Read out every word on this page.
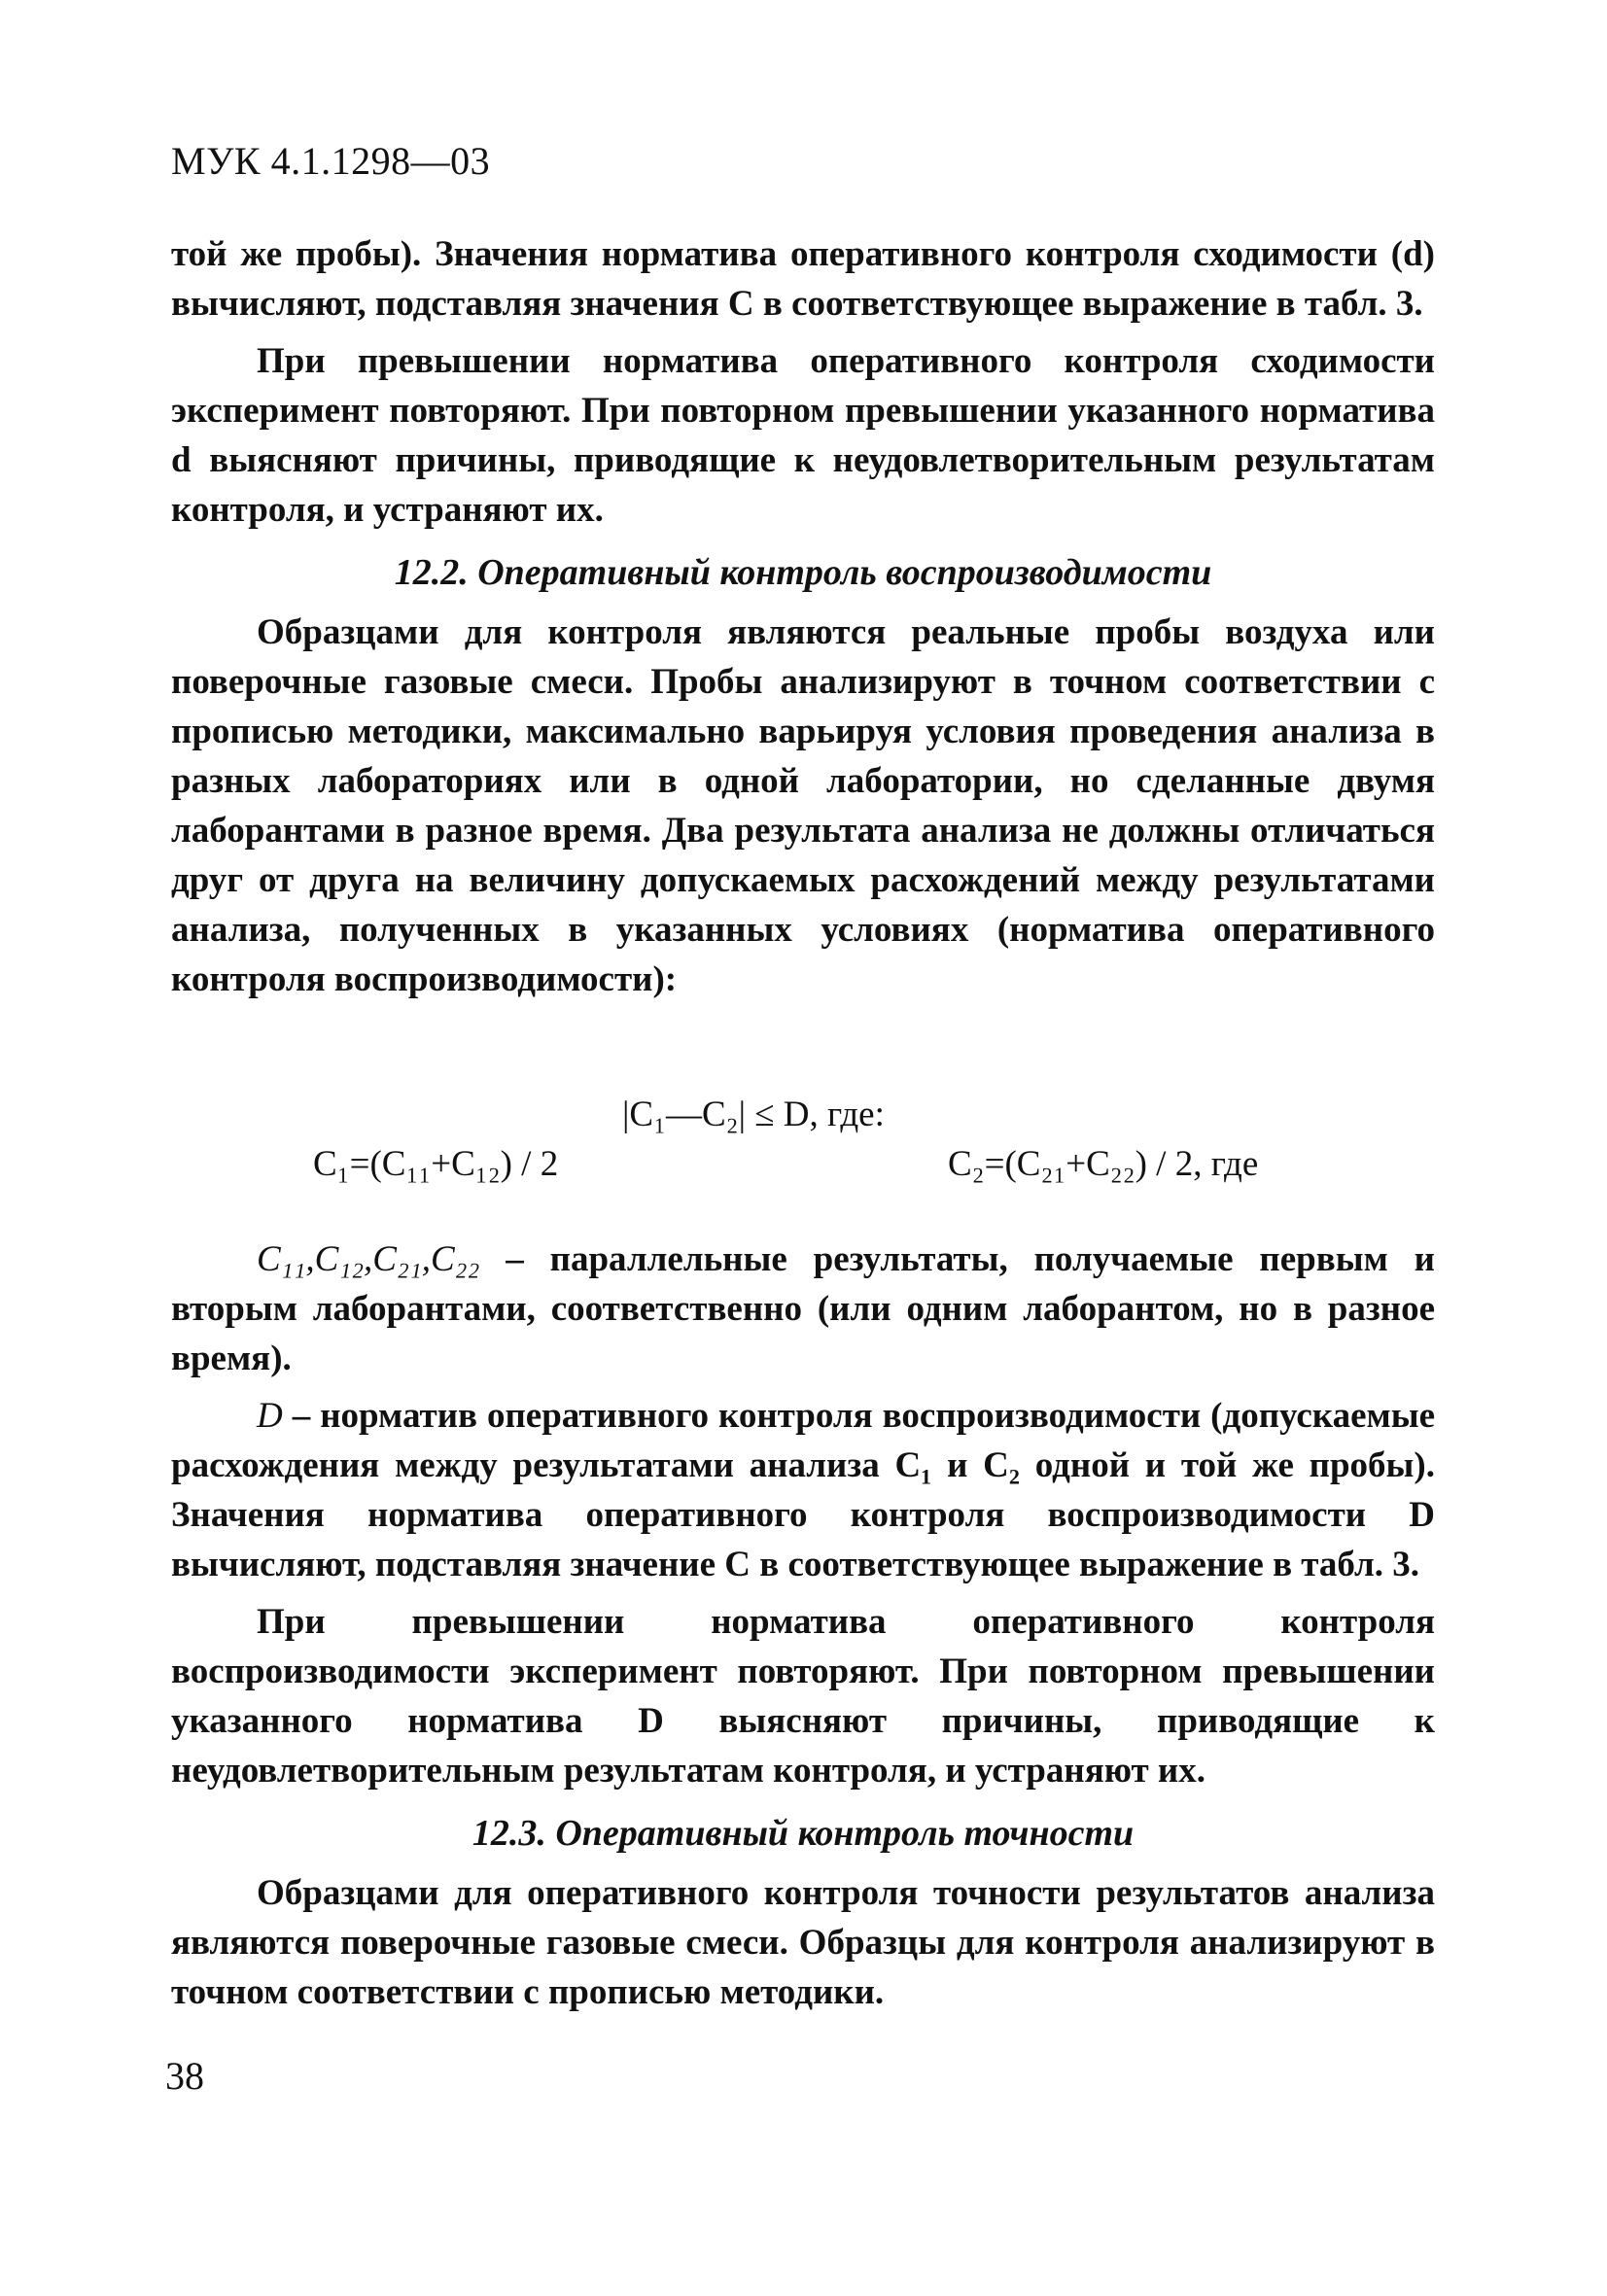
МУК 4.1.1298—03

той же пробы). Значения норматива оперативного контроля сходимости (d) вычисляют, подставляя значения С в соответствующее выражение в табл. 3.

При превышении норматива оперативного контроля сходимости эксперимент повторяют. При повторном превышении указанного норматива d выясняют причины, приводящие к неудовлетворительным результатам контроля, и устраняют их.

12.2. Оперативный контроль воспроизводимости

Образцами для контроля являются реальные пробы воздуха или поверочные газовые смеси. Пробы анализируют в точном соответствии с прописью методики, максимально варьируя условия проведения анализа в разных лабораториях или в одной лаборатории, но сделанные двумя лаборантами в разное время. Два результата анализа не должны отличаться друг от друга на величину допускаемых расхождений между результатами анализа, полученных в указанных условиях (норматива оперативного контроля воспроизводимости):

|C₁—C₂| ≤ D, где:
C₁=(C₁₁+C₁₂) / 2	C₂=(C₂₁+C₂₂) / 2, где

C₁₁,C₁₂,C₂₁,C₂₂ – параллельные результаты, получаемые первым и вторым лаборантами, соответственно (или одним лаборантом, но в разное время).

D – норматив оперативного контроля воспроизводимости (допускаемые расхождения между результатами анализа C₁ и C₂ одной и той же пробы). Значения норматива оперативного контроля воспроизводимости D вычисляют, подставляя значение С в соответствующее выражение в табл. 3.

При превышении норматива оперативного контроля воспроизводимости эксперимент повторяют. При повторном превышении указанного норматива D выясняют причины, приводящие к неудовлетворительным результатам контроля, и устраняют их.

12.3. Оперативный контроль точности

Образцами для оперативного контроля точности результатов анализа являются поверочные газовые смеси. Образцы для контроля анализируют в точном соответствии с прописью методики.

38
